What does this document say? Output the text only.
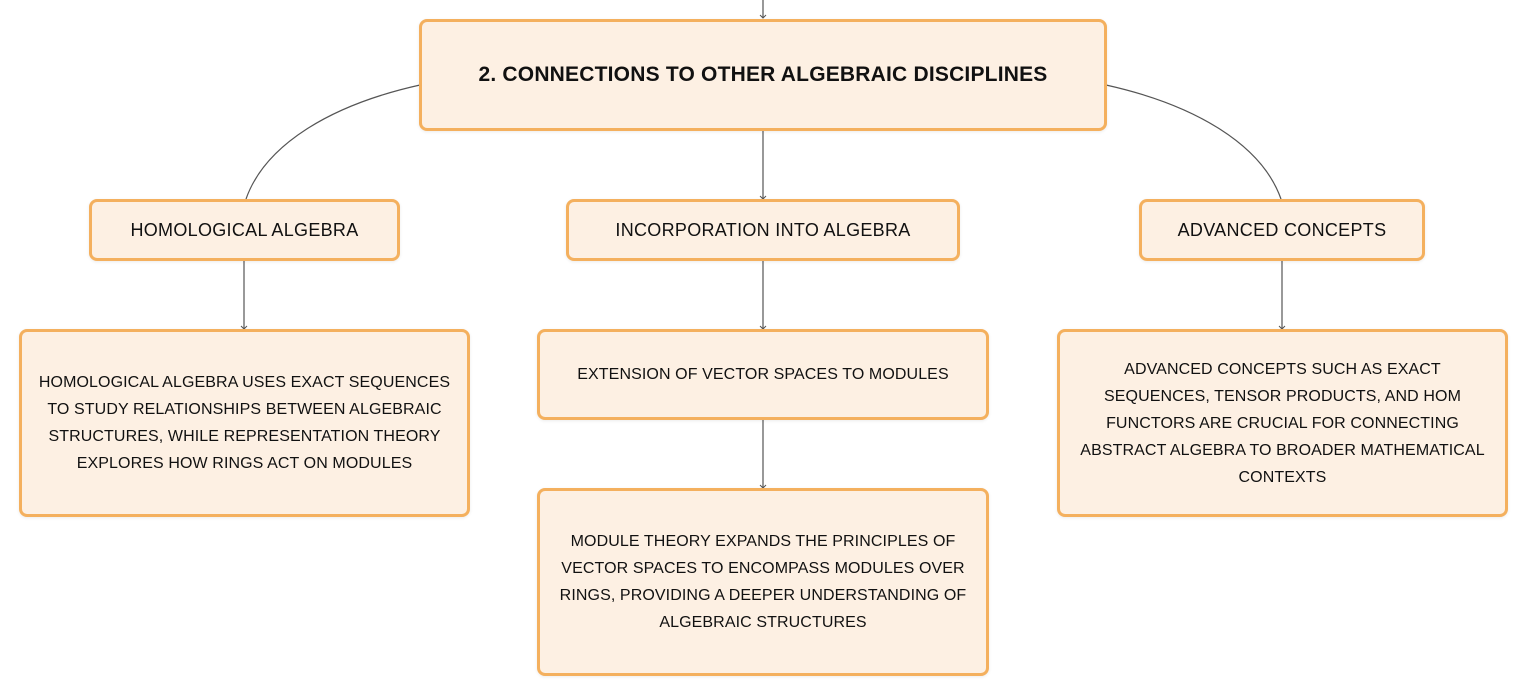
2. CONNECTIONS TO OTHER ALGEBRAIC DISCIPLINES
HOMOLOGICAL ALGEBRA	INCORPORATION INTO ALGEBRA	ADVANCED CONCEPTS
HOMOLOGICAL ALGEBRA USES EXACT SEQUENCES TO STUDY RELATIONSHIPS BETWEEN ALGEBRAIC STRUCTURES, WHILE REPRESENTATION THEORY EXPLORES HOW RINGS ACT ON MODULES
EXTENSION OF VECTOR SPACES TO MODULES
MODULE THEORY EXPANDS THE PRINCIPLES OF VECTOR SPACES TO ENCOMPASS MODULES OVER RINGS, PROVIDING A DEEPER UNDERSTANDING OF ALGEBRAIC STRUCTURES
ADVANCED CONCEPTS SUCH AS EXACT SEQUENCES, TENSOR PRODUCTS, AND HOM FUNCTORS ARE CRUCIAL FOR CONNECTING ABSTRACT ALGEBRA TO BROADER MATHEMATICAL CONTEXTS
